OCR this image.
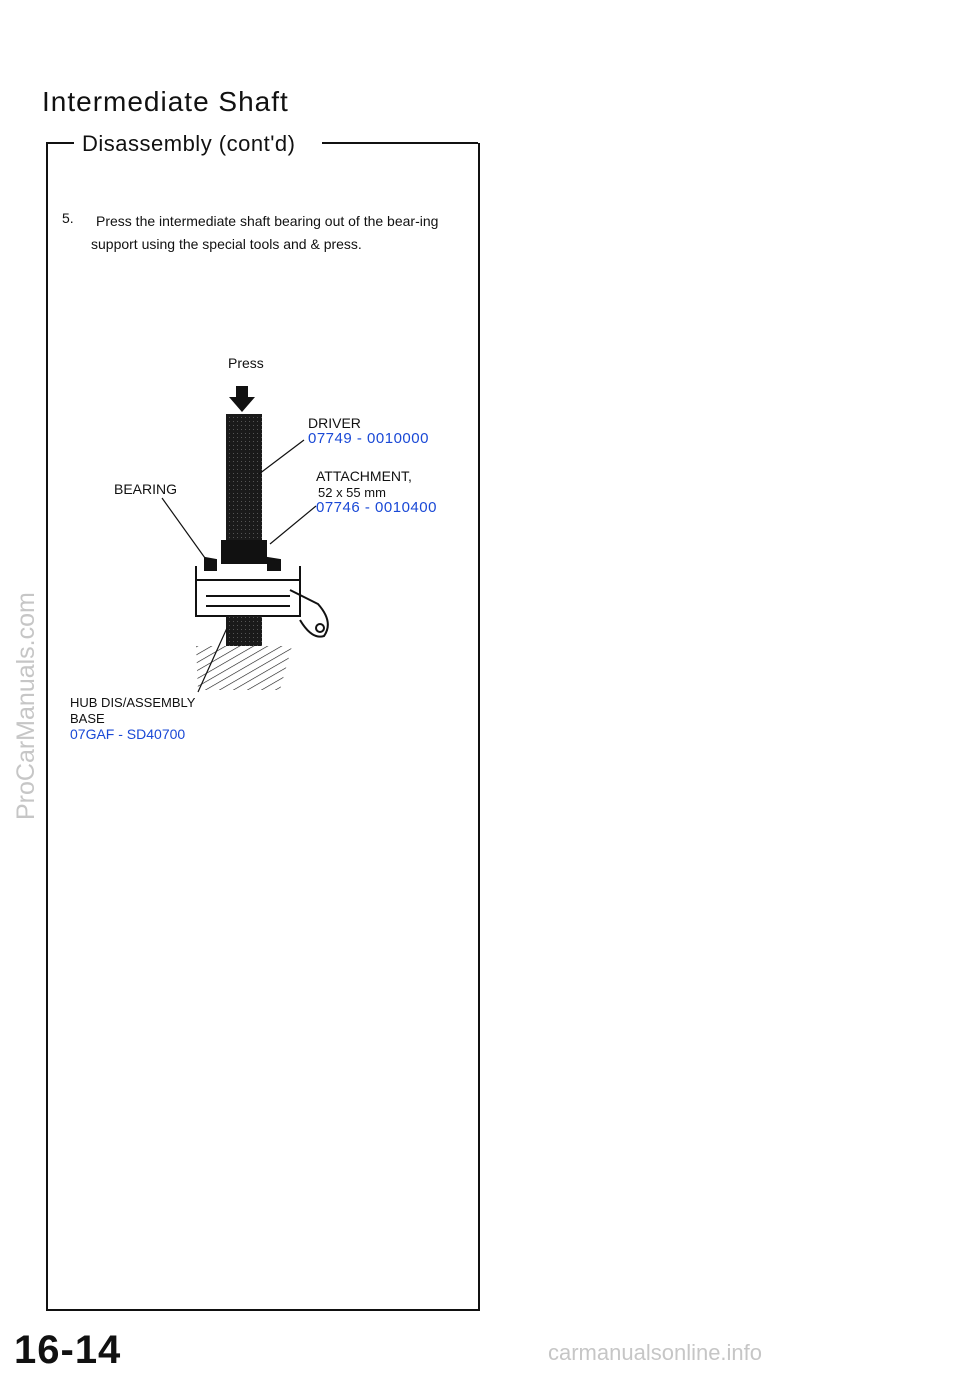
Intermediate Shaft
Disassembly (cont'd)
5.	Press the intermediate shaft bearing out of the bear-ing support using the special tools and & press.
Press
DRIVER
07749 - 0010000
ATTACHMENT,
52 x 55 mm
07746 - 0010400
BEARING
HUB DIS/ASSEMBLY
BASE
07GAF - SD40700
ProCarManuals.com
16-14	carmanualsonline.info
